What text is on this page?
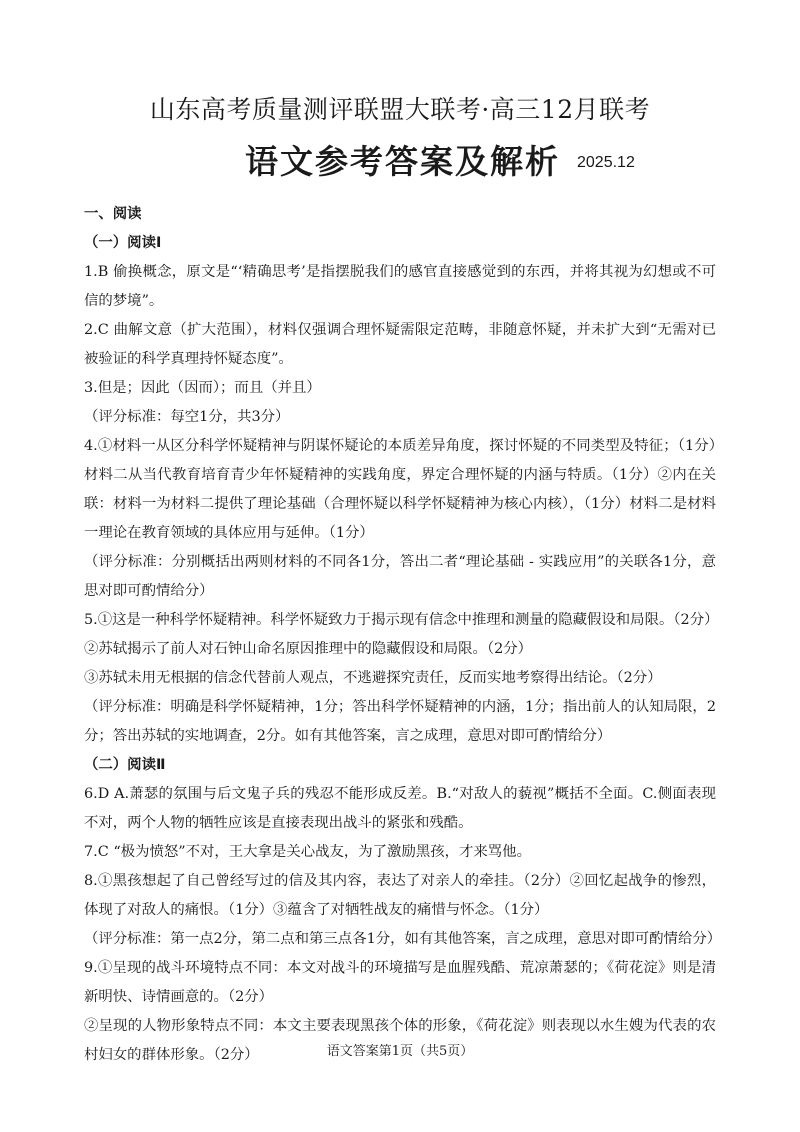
山东高考质量测评联盟大联考·高三12月联考
语文参考答案及解析 2025.12

一、阅读

（一）阅读Ⅰ

1.B 偷换概念，原文是“‘精确思考’是指摆脱我们的感官直接感觉到的东西，并将其视为幻想或不可信的梦境”。

2.C 曲解文意（扩大范围），材料仅强调合理怀疑需限定范畴，非随意怀疑，并未扩大到“无需对已被验证的科学真理持怀疑态度”。

3.但是；因此（因而）；而且（并且）

（评分标准：每空1分，共3分）

4.①材料一从区分科学怀疑精神与阴谋怀疑论的本质差异角度，探讨怀疑的不同类型及特征；（1分）材料二从当代教育培育青少年怀疑精神的实践角度，界定合理怀疑的内涵与特质。（1分）②内在关联：材料一为材料二提供了理论基础（合理怀疑以科学怀疑精神为核心内核），（1分）材料二是材料一理论在教育领域的具体应用与延伸。（1分）

（评分标准：分别概括出两则材料的不同各1分，答出二者“理论基础 - 实践应用”的关联各1分，意思对即可酌情给分）

5.①这是一种科学怀疑精神。科学怀疑致力于揭示现有信念中推理和测量的隐藏假设和局限。（2分）

②苏轼揭示了前人对石钟山命名原因推理中的隐藏假设和局限。（2分）

③苏轼未用无根据的信念代替前人观点，不逃避探究责任，反而实地考察得出结论。（2分）

（评分标准：明确是科学怀疑精神，1分；答出科学怀疑精神的内涵，1分；指出前人的认知局限，2分；答出苏轼的实地调查，2分。如有其他答案，言之成理，意思对即可酌情给分）

（二）阅读Ⅱ

6.D A.萧瑟的氛围与后文鬼子兵的残忍不能形成反差。B.“对敌人的藐视”概括不全面。C.侧面表现不对，两个人物的牺牲应该是直接表现出战斗的紧张和残酷。

7.C “极为愤怒”不对，王大拿是关心战友，为了激励黑孩，才来骂他。

8.①黑孩想起了自己曾经写过的信及其内容，表达了对亲人的牵挂。（2分）②回忆起战争的惨烈，体现了对敌人的痛恨。（1分）③蕴含了对牺牲战友的痛惜与怀念。（1分）

（评分标准：第一点2分，第二点和第三点各1分，如有其他答案，言之成理，意思对即可酌情给分）

9.①呈现的战斗环境特点不同：本文对战斗的环境描写是血腥残酷、荒凉萧瑟的；《荷花淀》则是清新明快、诗情画意的。（2分）

②呈现的人物形象特点不同：本文主要表现黑孩个体的形象，《荷花淀》则表现以水生嫂为代表的农村妇女的群体形象。（2分）	语文答案第1页（共5页）
